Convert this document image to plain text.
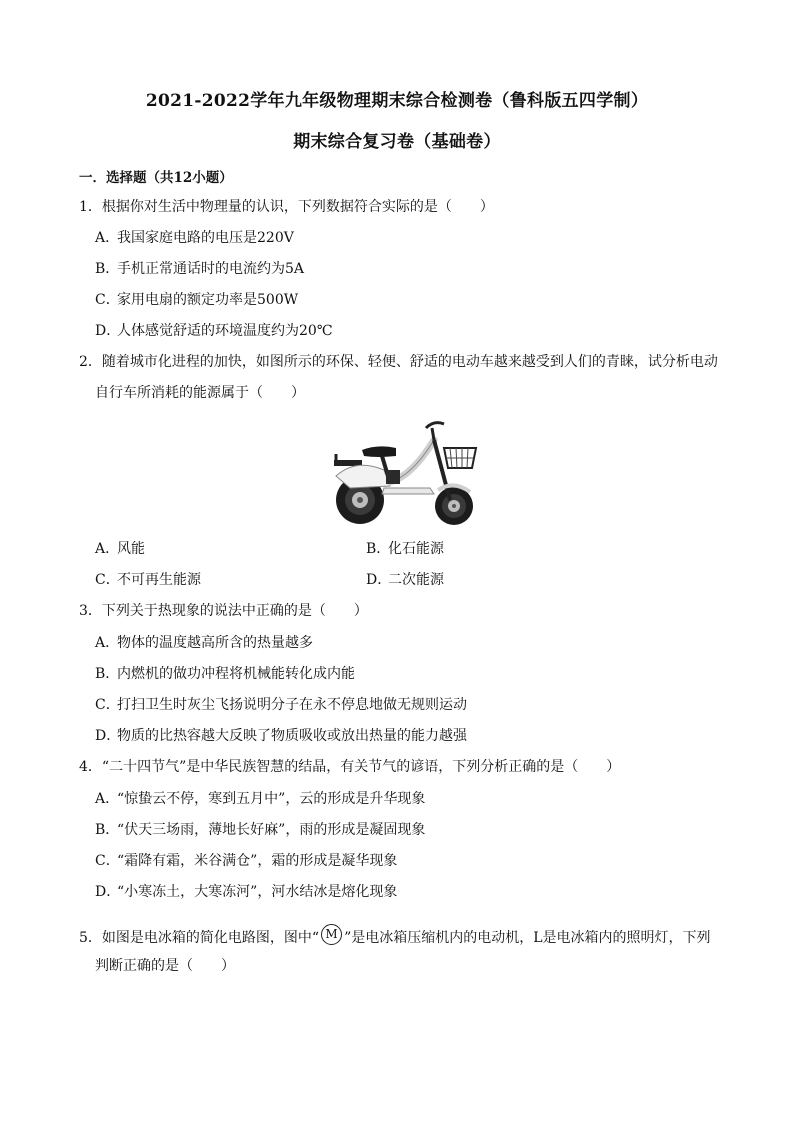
2021-2022学年九年级物理期末综合检测卷（鲁科版五四学制）
期末综合复习卷（基础卷）
一．选择题（共12小题）
1．根据你对生活中物理量的认识，下列数据符合实际的是（　　）
A．我国家庭电路的电压是220V
B．手机正常通话时的电流约为5A
C．家用电扇的额定功率是500W
D．人体感觉舒适的环境温度约为20℃
2．随着城市化进程的加快，如图所示的环保、轻便、舒适的电动车越来越受到人们的青睐，试分析电动
自行车所消耗的能源属于（　　）
A．风能	B．化石能源
C．不可再生能源	D．二次能源
3．下列关于热现象的说法中正确的是（　　）
A．物体的温度越高所含的热量越多
B．内燃机的做功冲程将机械能转化成内能
C．打扫卫生时灰尘飞扬说明分子在永不停息地做无规则运动
D．物质的比热容越大反映了物质吸收或放出热量的能力越强
4．“二十四节气”是中华民族智慧的结晶，有关节气的谚语，下列分析正确的是（　　）
A．“惊蛰云不停，寒到五月中”，云的形成是升华现象
B．“伏天三场雨，薄地长好麻”，雨的形成是凝固现象
C．“霜降有霜，米谷满仓”，霜的形成是凝华现象
D．“小寒冻土，大寒冻河”，河水结冰是熔化现象
5．如图是电冰箱的简化电路图，图中“ M ”是电冰箱压缩机内的电动机，L是电冰箱内的照明灯，下列
判断正确的是（　　）
